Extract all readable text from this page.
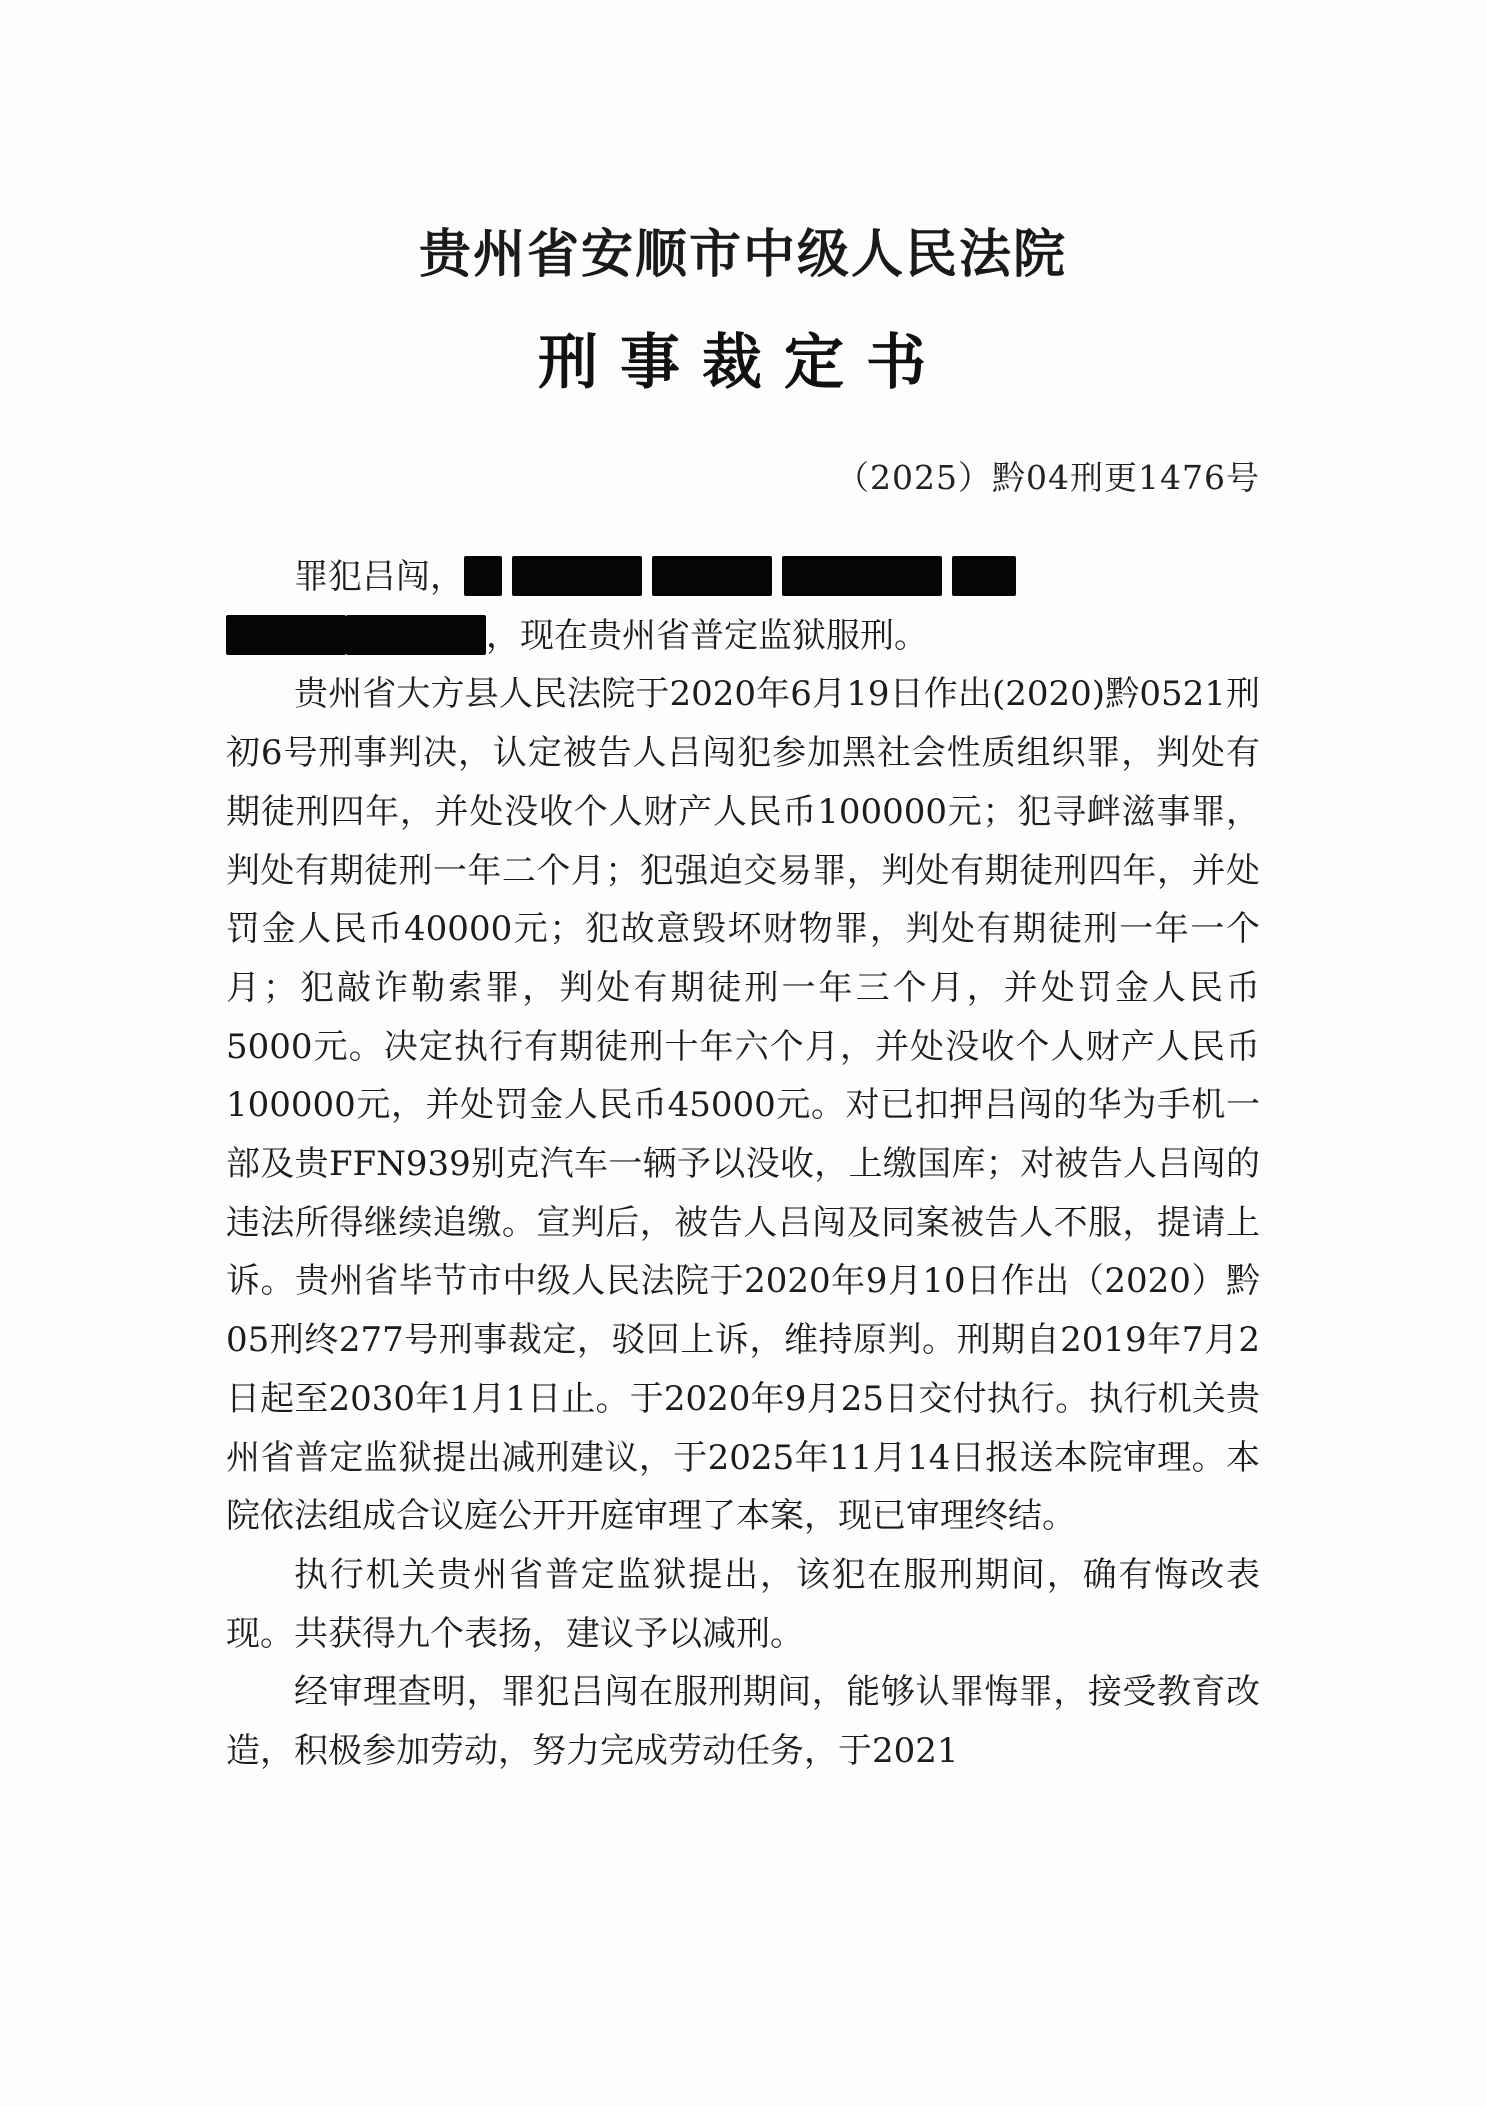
贵州省安顺市中级人民法院
刑事裁定书
（2025）黔04刑更1476号

罪犯吕闯，

，现在贵州省普定监狱服刑。

贵州省大方县人民法院于2020年6月19日作出(2020)黔0521刑初6号刑事判决，认定被告人吕闯犯参加黑社会性质组织罪，判处有期徒刑四年，并处没收个人财产人民币100000元；犯寻衅滋事罪，判处有期徒刑一年二个月；犯强迫交易罪，判处有期徒刑四年，并处罚金人民币40000元；犯故意毁坏财物罪，判处有期徒刑一年一个月；犯敲诈勒索罪，判处有期徒刑一年三个月，并处罚金人民币5000元。决定执行有期徒刑十年六个月，并处没收个人财产人民币100000元，并处罚金人民币45000元。对已扣押吕闯的华为手机一部及贵FFN939别克汽车一辆予以没收，上缴国库；对被告人吕闯的违法所得继续追缴。宣判后，被告人吕闯及同案被告人不服，提请上诉。贵州省毕节市中级人民法院于2020年9月10日作出（2020）黔05刑终277号刑事裁定，驳回上诉，维持原判。刑期自2019年7月2日起至2030年1月1日止。于2020年9月25日交付执行。执行机关贵州省普定监狱提出减刑建议，于2025年11月14日报送本院审理。本院依法组成合议庭公开开庭审理了本案，现已审理终结。

执行机关贵州省普定监狱提出，该犯在服刑期间，确有悔改表现。共获得九个表扬，建议予以减刑。

经审理查明，罪犯吕闯在服刑期间，能够认罪悔罪，接受教育改造，积极参加劳动，努力完成劳动任务，于2021
